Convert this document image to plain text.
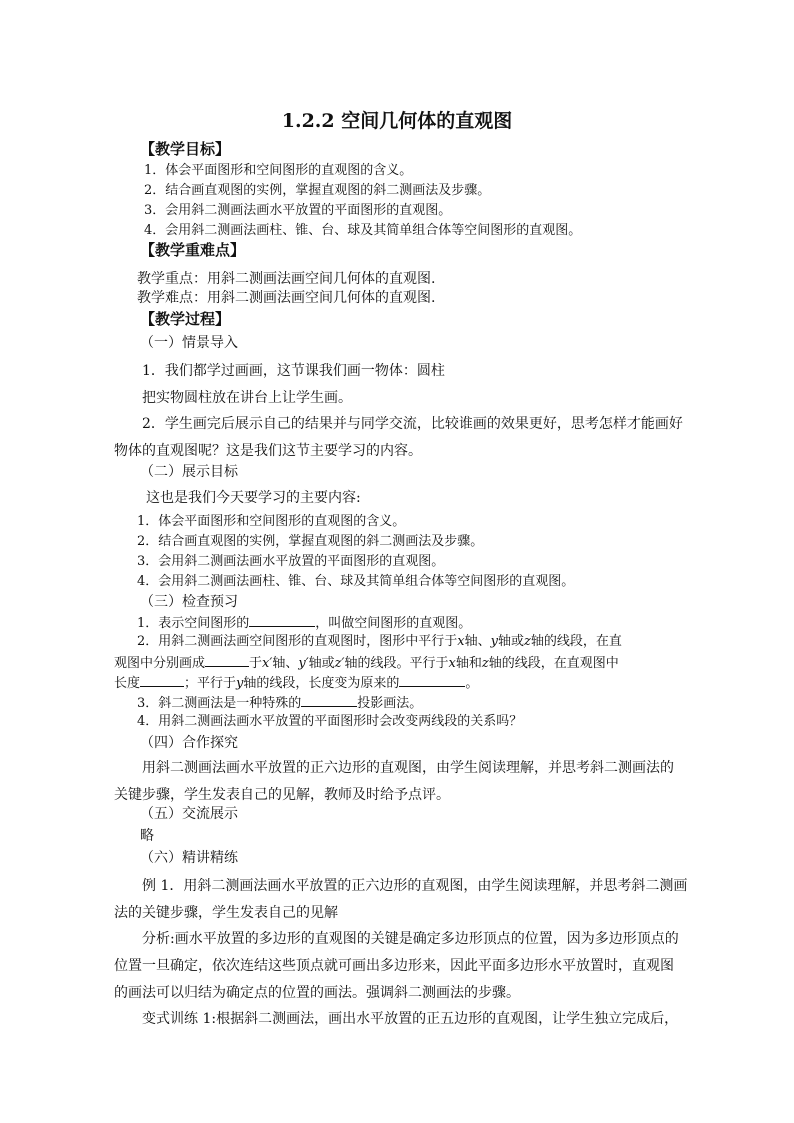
1.2.2 空间几何体的直观图
【教学目标】
1．体会平面图形和空间图形的直观图的含义。
2．结合画直观图的实例，掌握直观图的斜二测画法及步骤。
3．会用斜二测画法画水平放置的平面图形的直观图。
4．会用斜二测画法画柱、锥、台、球及其简单组合体等空间图形的直观图。
【教学重难点】
教学重点：用斜二测画法画空间几何体的直观图.
教学难点：用斜二测画法画空间几何体的直观图.
【教学过程】
（一）情景导入
1．我们都学过画画，这节课我们画一物体：圆柱
把实物圆柱放在讲台上让学生画。
2．学生画完后展示自己的结果并与同学交流，比较谁画的效果更好，思考怎样才能画好
物体的直观图呢？这是我们这节主要学习的内容。
（二）展示目标
这也是我们今天要学习的主要内容:
1．体会平面图形和空间图形的直观图的含义。
2．结合画直观图的实例，掌握直观图的斜二测画法及步骤。
3．会用斜二测画法画水平放置的平面图形的直观图。
4．会用斜二测画法画柱、锥、台、球及其简单组合体等空间图形的直观图。
（三）检查预习
1．表示空间图形的	，叫做空间图形的直观图。
2．用斜二测画法画空间图形的直观图时，图形中平行于x轴、y轴或z轴的线段，在直
观图中分别画成	于x′轴、y′轴或z′轴的线段。平行于x轴和z轴的线段，在直观图中
长度	；平行于y轴的线段，长度变为原来的	。
3．斜二测画法是一种特殊的	投影画法。
4．用斜二测画法画水平放置的平面图形时会改变两线段的关系吗？
（四）合作探究
用斜二测画法画水平放置的正六边形的直观图，由学生阅读理解，并思考斜二测画法的
关键步骤，学生发表自己的见解，教师及时给予点评。
（五）交流展示
略
（六）精讲精练
例 1．用斜二测画法画水平放置的正六边形的直观图，由学生阅读理解，并思考斜二测画
法的关键步骤，学生发表自己的见解
分析:画水平放置的多边形的直观图的关键是确定多边形顶点的位置，因为多边形顶点的
位置一旦确定，依次连结这些顶点就可画出多边形来，因此平面多边形水平放置时，直观图
的画法可以归结为确定点的位置的画法。强调斜二测画法的步骤。
变式训练 1:根据斜二测画法，画出水平放置的正五边形的直观图，让学生独立完成后，
